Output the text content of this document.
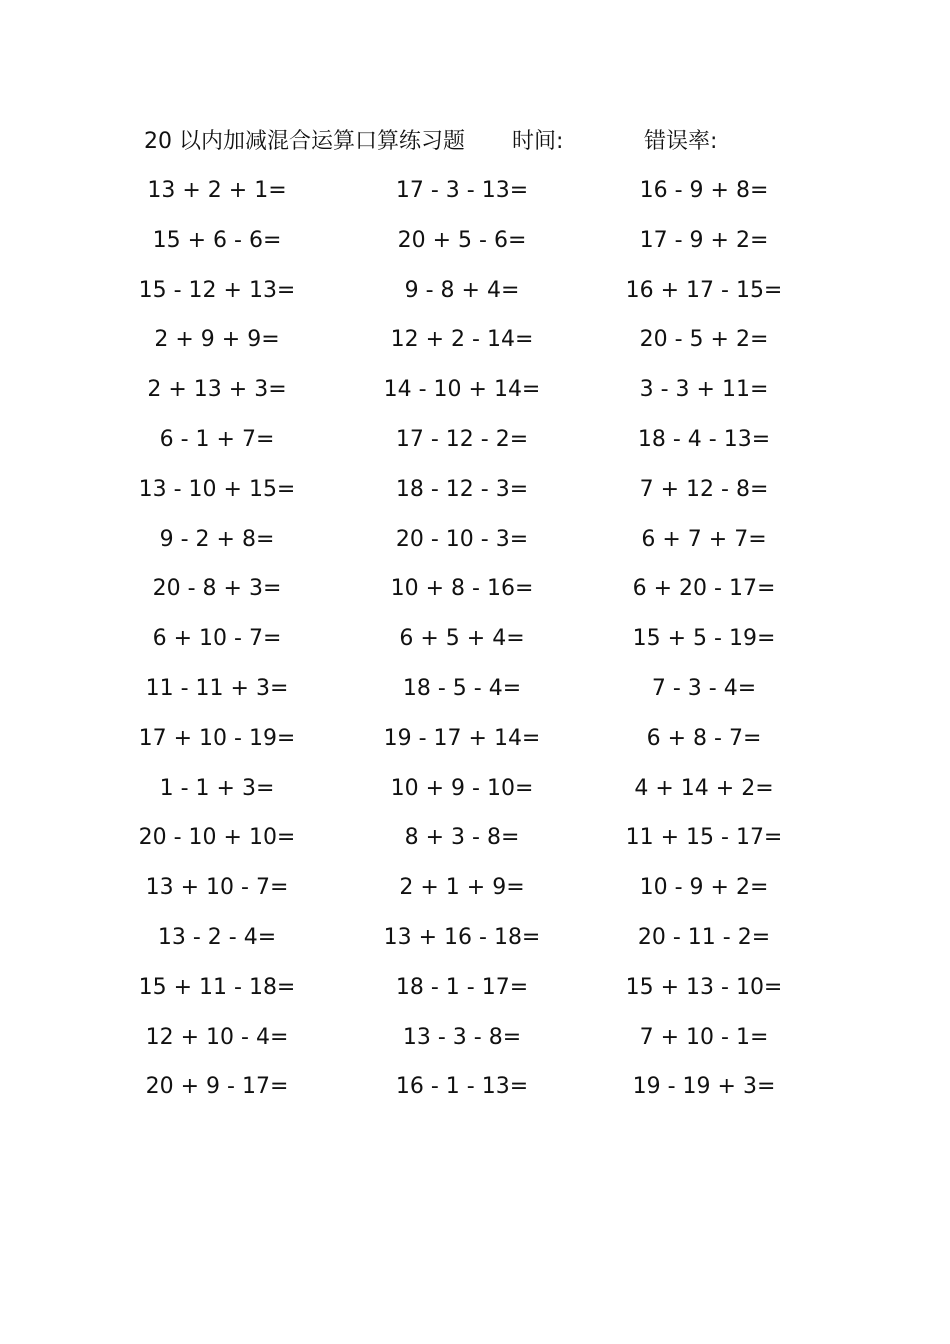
20 以内加减混合运算口算练习题 时间:	错误率:
13 + 2 + 1=	17 - 3 - 13=	16 - 9 + 8=
15 + 6 - 6=	20 + 5 - 6=	17 - 9 + 2=
15 - 12 + 13=	9 - 8 + 4=	16 + 17 - 15=
2 + 9 + 9=	12 + 2 - 14=	20 - 5 + 2=
2 + 13 + 3=	14 - 10 + 14=	3 - 3 + 11=
6 - 1 + 7=	17 - 12 - 2=	18 - 4 - 13=
13 - 10 + 15=	18 - 12 - 3=	7 + 12 - 8=
9 - 2 + 8=	20 - 10 - 3=	6 + 7 + 7=
20 - 8 + 3=	10 + 8 - 16=	6 + 20 - 17=
6 + 10 - 7=	6 + 5 + 4=	15 + 5 - 19=
11 - 11 + 3=	18 - 5 - 4=	7 - 3 - 4=
17 + 10 - 19=	19 - 17 + 14=	6 + 8 - 7=
1 - 1 + 3=	10 + 9 - 10=	4 + 14 + 2=
20 - 10 + 10=	8 + 3 - 8=	11 + 15 - 17=
13 + 10 - 7=	2 + 1 + 9=	10 - 9 + 2=
13 - 2 - 4=	13 + 16 - 18=	20 - 11 - 2=
15 + 11 - 18=	18 - 1 - 17=	15 + 13 - 10=
12 + 10 - 4=	13 - 3 - 8=	7 + 10 - 1=
20 + 9 - 17=	16 - 1 - 13=	19 - 19 + 3=
